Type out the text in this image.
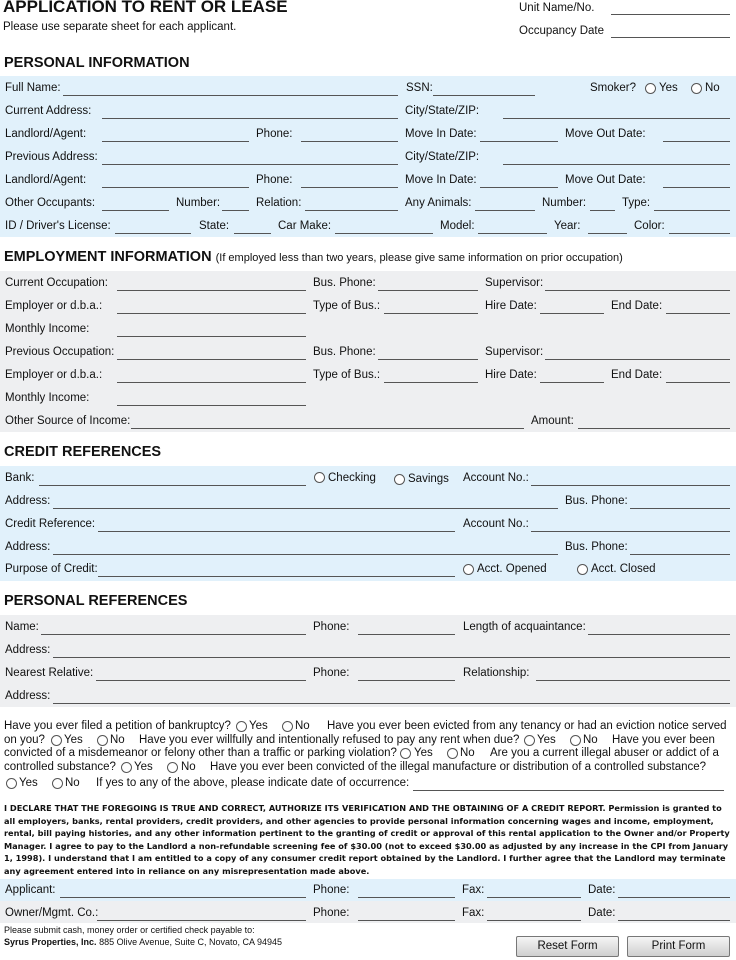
APPLICATION TO RENT OR LEASE
Please use separate sheet for each applicant.
Unit Name/No.
Occupancy Date
PERSONAL INFORMATION
Full Name:	SSN:	Smoker? Yes No
Current Address:	City/State/ZIP:
Landlord/Agent:	Phone:	Move In Date:	Move Out Date:
Previous Address:	City/State/ZIP:
Landlord/Agent:	Phone:	Move In Date:	Move Out Date:
Other Occupants:	Number:	Relation:	Any Animals:	Number:	Type:
ID / Driver's License:	State:	Car Make:	Model:	Year:	Color:
EMPLOYMENT INFORMATION (If employed less than two years, please give same information on prior occupation)
Current Occupation:	Bus. Phone:	Supervisor:
Employer or d.b.a.:	Type of Bus.:	Hire Date:	End Date:
Monthly Income:
Previous Occupation:	Bus. Phone:	Supervisor:
Employer or d.b.a.:	Type of Bus.:	Hire Date:	End Date:
Monthly Income:
Other Source of Income:	Amount:
CREDIT REFERENCES
Bank:	Checking	Savings Account No.:
Address:	Bus. Phone:
Credit Reference:	Account No.:
Address:	Bus. Phone:
Purpose of Credit:	Acct. Opened	Acct. Closed
PERSONAL REFERENCES
Name:	Phone:	Length of acquaintance:
Address:
Nearest Relative:	Phone:	Relationship:
Address:
Have you ever filed a petition of bankruptcy? Yes No Have you ever been evicted from any tenancy or had an eviction notice served
on you? Yes No Have you ever willfully and intentionally refused to pay any rent when due? Yes No Have you ever been
convicted of a misdemeanor or felony other than a traffic or parking violation? Yes No Are you a current illegal abuser or addict of a
controlled substance? Yes No Have you ever been convicted of the illegal manufacture or distribution of a controlled substance?
Yes No If yes to any of the above, please indicate date of occurrence:
I DECLARE THAT THE FOREGOING IS TRUE AND CORRECT, AUTHORIZE ITS VERIFICATION AND THE OBTAINING OF A CREDIT REPORT. Permission is granted to all employers, banks, rental providers, credit providers, and other agencies to provide personal information concerning wages and income, employment, rental, bill paying histories, and any other information pertinent to the granting of credit or approval of this rental application to the Owner and/or Property Manager. I agree to pay to the Landlord a non-refundable screening fee of $30.00 (not to exceed $30.00 as adjusted by any increase in the CPI from January 1, 1998). I understand that I am entitled to a copy of any consumer credit report obtained by the Landlord. I further agree that the Landlord may terminate any agreement entered into in reliance on any misrepresentation made above.
Applicant:	Phone:	Fax:	Date:
Owner/Mgmt. Co.:	Phone:	Fax:	Date:
Please submit cash, money order or certified check payable to:
Syrus Properties, Inc. 885 Olive Avenue, Suite C, Novato, CA 94945	Reset Form	Print Form
